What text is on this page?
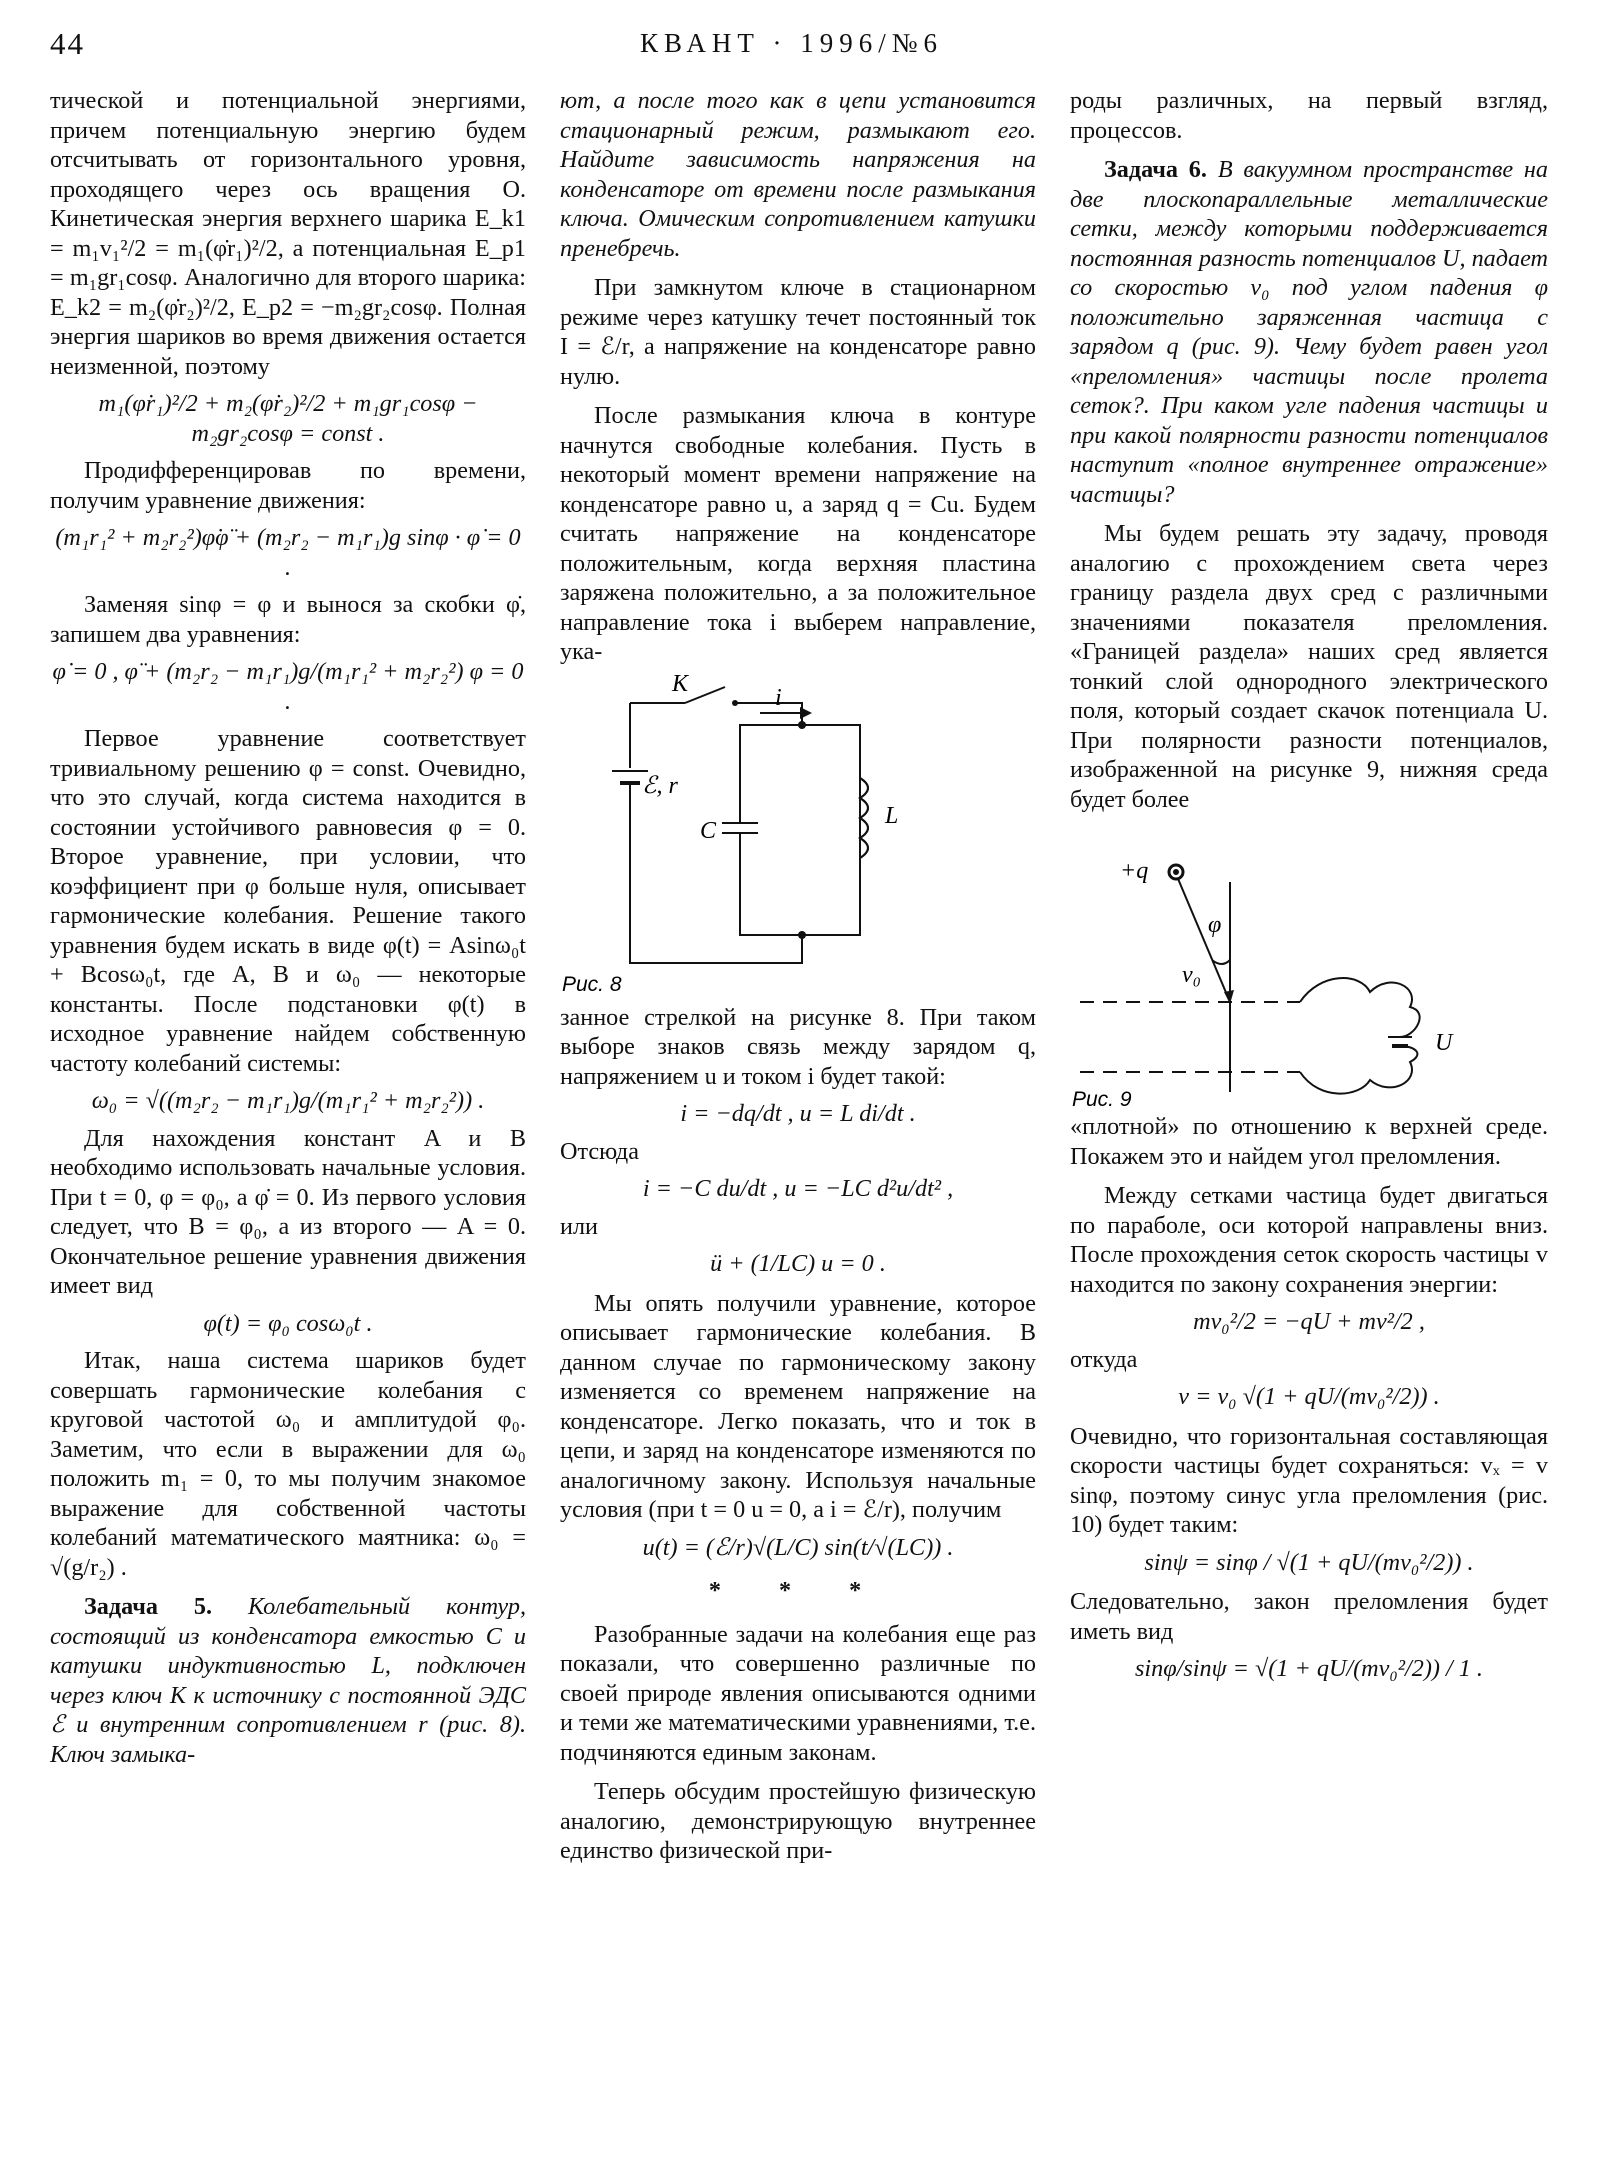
44	КВАНТ · 1996/№6

тической и потенциальной энергиями, причем потенциальную энергию будем отсчитывать от горизонтального уровня, проходящего через ось вращения O. Кинетическая энергия верхнего шарика E_k1 = m₁v₁²/2 = m₁(φ̇r₁)²/2, а потенциальная E_p1 = m₁gr₁cosφ. Аналогично для второго шарика: E_k2 = m₂(φ̇r₂)²/2, E_p2 = −m₂gr₂cosφ. Полная энергия шариков во время движения остается неизменной, поэтому

m₁(φ̇r₁)²/2 + m₂(φ̇r₂)²/2 + m₁gr₁cosφ − m₂gr₂cosφ = const .

Продифференцировав по времени, получим уравнение движения:

(m₁r₁² + m₂r₂²)φ̇φ̈ + (m₂r₂ − m₁r₁)g sinφ · φ̇ = 0 .

Заменяя sinφ = φ и вынося за скобки φ̇, запишем два уравнения:

φ̇ = 0 , φ̈ + (m₂r₂ − m₁r₁)g/(m₁r₁² + m₂r₂²) φ = 0 .

Первое уравнение соответствует тривиальному решению φ = const. Очевидно, что это случай, когда система находится в состоянии устойчивого равновесия φ = 0. Второе уравнение, при условии, что коэффициент при φ больше нуля, описывает гармонические колебания. Решение такого уравнения будем искать в виде φ(t) = Asinω₀t + Bcosω₀t, где A, B и ω₀ — некоторые константы. После подстановки φ(t) в исходное уравнение найдем собственную частоту колебаний системы:

ω₀ = √((m₂r₂ − m₁r₁)g/(m₁r₁² + m₂r₂²)) .

Для нахождения констант A и B необходимо использовать начальные условия. При t = 0, φ = φ₀, а φ̇ = 0. Из первого условия следует, что B = φ₀, а из второго — A = 0. Окончательное решение уравнения движения имеет вид

φ(t) = φ₀ cosω₀t .

Итак, наша система шариков будет совершать гармонические колебания с круговой частотой ω₀ и амплитудой φ₀. Заметим, что если в выражении для ω₀ положить m₁ = 0, то мы получим знакомое выражение для собственной частоты колебаний математического маятника: ω₀ = √(g/r₂) .

Задача 5. Колебательный контур, состоящий из конденсатора емкостью C и катушки индуктивностью L, подключен через ключ K к источнику с постоянной ЭДС ℰ и внутренним сопротивлением r (рис. 8). Ключ замыка-

ют, а после того как в цепи установится стационарный режим, размыкают его. Найдите зависимость напряжения на конденсаторе от времени после размыкания ключа. Омическим сопротивлением катушки пренебречь.

При замкнутом ключе в стационарном режиме через катушку течет постоянный ток I = ℰ/r, а напряжение на конденсаторе равно нулю.

После размыкания ключа в контуре начнутся свободные колебания. Пусть в некоторый момент времени напряжение на конденсаторе равно u, а заряд q = Cu. Будем считать напряжение на конденсаторе положительным, когда верхняя пластина заряжена положительно, а за положительное направление тока i выберем направление, ука-

K
ℰ, r
i
C
L
Рис. 8

занное стрелкой на рисунке 8. При таком выборе знаков связь между зарядом q, напряжением u и током i будет такой:

i = −dq/dt , u = L di/dt .

Отсюда

i = −C du/dt , u = −LC d²u/dt² ,

или

ü + (1/LC) u = 0 .

Мы опять получили уравнение, которое описывает гармонические колебания. В данном случае по гармоническому закону изменяется со временем напряжение на конденсаторе. Легко показать, что и ток в цепи, и заряд на конденсаторе изменяются по аналогичному закону. Используя начальные условия (при t = 0 u = 0, а i = ℰ/r), получим

u(t) = (ℰ/r)√(L/C) sin(t/√(LC)) .

* * *

Разобранные задачи на колебания еще раз показали, что совершенно различные по своей природе явления описываются одними и теми же математическими уравнениями, т.е. подчиняются единым законам.

Теперь обсудим простейшую физическую аналогию, демонстрирующую внутреннее единство физической при-

роды различных, на первый взгляд, процессов.

Задача 6. В вакуумном пространстве на две плоскопараллельные металлические сетки, между которыми поддерживается постоянная разность потенциалов U, падает со скоростью v₀ под углом падения φ положительно заряженная частица с зарядом q (рис. 9). Чему будет равен угол «преломления» частицы после пролета сеток?. При каком угле падения частицы и при какой полярности разности потенциалов наступит «полное внутреннее отражение» частицы?

Мы будем решать эту задачу, проводя аналогию с прохождением света через границу раздела двух сред с различными значениями показателя преломления. «Границей раздела» наших сред является тонкий слой однородного электрического поля, который создает скачок потенциала U. При полярности разности потенциалов, изображенной на рисунке 9, нижняя среда будет более

+q
φ
v₀
U
Рис. 9

«плотной» по отношению к верхней среде. Покажем это и найдем угол преломления.

Между сетками частица будет двигаться по параболе, оси которой направлены вниз. После прохождения сеток скорость частицы v находится по закону сохранения энергии:

mv₀²/2 = −qU + mv²/2 ,

откуда

v = v₀ √(1 + qU/(mv₀²/2)) .

Очевидно, что горизонтальная составляющая скорости частицы будет сохраняться: vₓ = v sinφ, поэтому синус угла преломления (рис. 10) будет таким:

sinψ = sinφ / √(1 + qU/(mv₀²/2)) .

Следовательно, закон преломления будет иметь вид

sinφ/sinψ = √(1 + qU/(mv₀²/2)) / 1 .
